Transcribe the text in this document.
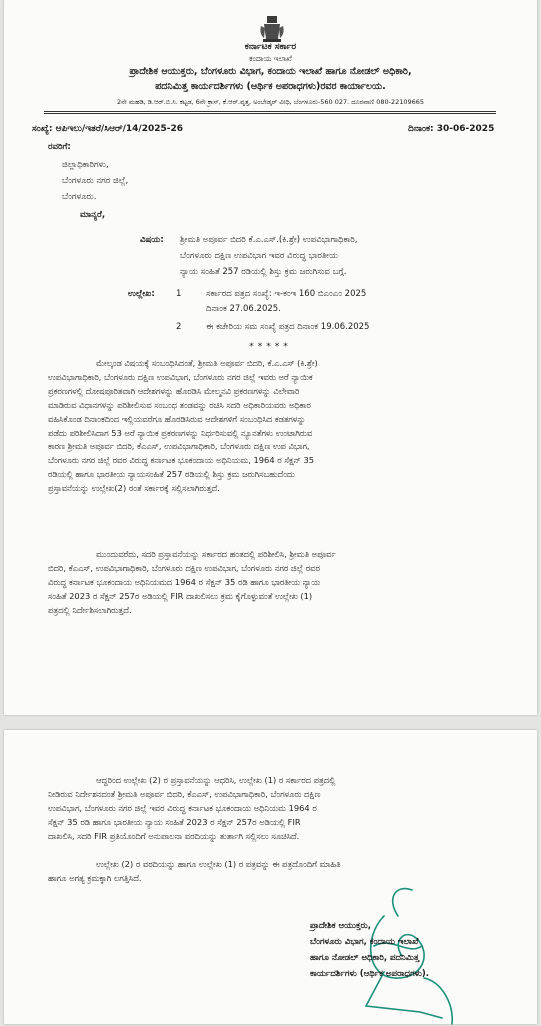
ಕರ್ನಾಟಕ ಸರ್ಕಾರ
ಕಂದಾಯ ಇಲಾಖೆ
ಪ್ರಾದೇಶಿಕ ಆಯುಕ್ತರು, ಬೆಂಗಳೂರು ವಿಭಾಗ, ಕಂದಾಯ ಇಲಾಖೆ ಹಾಗೂ ನೋಡಲ್ ಅಧಿಕಾರಿ,
ಪದನಿಮಿತ್ತ ಕಾರ್ಯದರ್ಶಿಗಳು (ಆರ್ಥಿಕ ಅಪರಾಧಗಳು)ರವರ ಕಾರ್ಯಾಲಯ.
2ನೇ ಮಹಡಿ, ಡಿ.ಆರ್.ಬಿ.ಸಿ. ಕಟ್ಟಡ, 6ನೇ ಕ್ರಾಸ್, ಕೆ.ಆರ್.ವೃತ್ತ, ಅಂಬೇಡ್ಕರ್ ವೀಧಿ, ಬೆಂಗಳೂರು-560 027. ದೂರವಾಣಿ 080-22109665
ಸಂಖ್ಯೆ: ಆಪಿಇಲು/ಇತರೆ/ಸಿಆರ್/14/2025-26	ದಿನಾಂಕ: 30-06-2025
ರವರಿಗೆ:
ಜಿಲ್ಲಾಧಿಕಾರಿಗಳು,
ಬೆಂಗಳೂರು ನಗರ ಜಿಲ್ಲೆ,
ಬೆಂಗಳೂರು.
ಮಾನ್ಯರೆ,
ವಿಷಯ: ಶ್ರೀಮತಿ ಅಪೂರ್ವ ಬಿದರಿ ಕೆ.ಎ.ಎಸ್.(ಕಿ.ಶ್ರೇ) ಉಪವಿಭಾಗಾಧಿಕಾರಿ,
ಬೆಂಗಳೂರು ದಕ್ಷಿಣ ಉಪವಿಭಾಗ ಇವರ ವಿರುದ್ಧ ಭಾರತೀಯ
ನ್ಯಾಯ ಸಂಹಿತೆ 257 ರಡಿಯಲ್ಲಿ ಶಿಸ್ತು ಕ್ರಮ ಜರುಗಿಸುವ ಬಗ್ಗೆ.
ಉಲ್ಲೇಖ: 1	ಸರ್ಕಾರದ ಪತ್ರದ ಸಂಖ್ಯೆ: ಇ-ಕಂಇ 160 ಬಿಎಂಎಂ 2025
ದಿನಾಂಕ 27.06.2025.
2	ಈ ಕಚೇರಿಯ ಸಮ ಸಂಖ್ಯೆ ಪತ್ರದ ದಿನಾಂಕ 19.06.2025
*****
ಮೇಲ್ಕಂಡ ವಿಷಯಕ್ಕೆ ಸಂಬಂಧಿಸಿದಂತೆ, ಶ್ರೀಮತಿ ಅಪೂರ್ವ ಬಿದರಿ, ಕೆ.ಎ.ಎಸ್ (ಕಿ.ಶ್ರೇ)
ಉಪವಿಭಾಗಾಧಿಕಾರಿ, ಬೆಂಗಳೂರು ದಕ್ಷಿಣ ಉಪವಿಭಾಗ, ಬೆಂಗಳೂರು ನಗರ ಜಿಲ್ಲೆ ಇವರು ಅರೆ ನ್ಯಾಯಿಕ
ಪ್ರಕರಣಗಳಲ್ಲಿ ದೋಷಪೂರಿತವಾಗಿ ಆದೇಶಗಳನ್ನು ಹೊರಡಿಸಿ ಮೇಲ್ಮನವಿ ಪ್ರಕರಣಗಳನ್ನು ವಿಲೇವಾರಿ
ಮಾಡಿರುವ ವಿಧಾನಗಳನ್ನು ಪರಿಶೀಲಿಸುವ ಸಂಬಂಧ ತಂಡವನ್ನು ರಚಿಸಿ ಸದರಿ ಅಧಿಕಾರಿಯವರು ಅಧಿಕಾರ
ವಹಿಸಿಕೊಂಡ ದಿನಾಂಕದಿಂದ ಇಲ್ಲಿಯವರೆಗೂ ಹೊರಡಿಸಿರುವ ಆದೇಶಗಳಿಗೆ ಸಂಬಂಧಿಸಿದ ಕಡತಗಳನ್ನು
ಪಡೆದು ಪರಿಶೀಲಿಸಿದಾಗ 53 ಅರೆ ನ್ಯಾಯಿಕ ಪ್ರಕರಣಗಳನ್ನು ನಿರ್ಧರಿಸುವಲ್ಲಿ ನ್ಯೂನತೆಗಳು ಉಂಟಾಗಿರುವ
ಕಾರಣ ಶ್ರೀಮತಿ ಅಪೂರ್ವ ಬಿದರಿ, ಕೆಎಎಸ್, ಉಪವಿಭಾಗಾಧಿಕಾರಿ, ಬೆಂಗಳೂರು ದಕ್ಷಿಣ ಉಪ ವಿಭಾಗ,
ಬೆಂಗಳೂರು ನಗರ ಜಿಲ್ಲೆ ರವರ ವಿರುದ್ಧ ಕರ್ನಾಟಕ ಭೂಕಂದಾಯ ಅಧಿನಿಯಮ, 1964 ರ ಸೆಕ್ಷನ್ 35
ರಡಿಯಲ್ಲಿ ಹಾಗೂ ಭಾರತೀಯ ನ್ಯಾಯಸಂಹಿತೆ 257 ರಡಿಯಲ್ಲಿ ಶಿಸ್ತು ಕ್ರಮ ಜರುಗಿಸಬಹುದೆಂದು
ಪ್ರಸ್ತಾವನೆಯನ್ನು ಉಲ್ಲೇಖ(2) ರಂತೆ ಸರ್ಕಾರಕ್ಕೆ ಸಲ್ಲಿಸಲಾಗಿರುತ್ತದೆ.
ಮುಂದುವರೆದು, ಸದರಿ ಪ್ರಸ್ತಾವನೆಯನ್ನು ಸರ್ಕಾರದ ಹಂತದಲ್ಲಿ ಪರಿಶೀಲಿಸಿ, ಶ್ರೀಮತಿ ಅಪೂರ್ವ
ಬಿದರಿ, ಕೆಎಎಸ್, ಉಪವಿಭಾಗಾಧಿಕಾರಿ, ಬೆಂಗಳೂರು ದಕ್ಷಿಣ ಉಪವಿಭಾಗ, ಬೆಂಗಳೂರು ನಗರ ಜಿಲ್ಲೆ ರವರ
ವಿರುದ್ಧ ಕರ್ನಾಟಕ ಭೂಕಂದಾಯ ಅಧಿನಿಯಮದ 1964 ರ ಸೆಕ್ಷನ್ 35 ರಡಿ ಹಾಗೂ ಭಾರತೀಯ ನ್ಯಾಯ
ಸಂಹಿತೆ 2023 ರ ಸೆಕ್ಷನ್ 257ರ ಅಡಿಯಲ್ಲಿ FIR ದಾಖಲಿಸಲು ಕ್ರಮ ಕೈಗೊಳ್ಳುವಂತೆ ಉಲ್ಲೇಖ (1)
ಪತ್ರದಲ್ಲಿ ನಿರ್ದೇಶಿಸಲಾಗಿರುತ್ತದೆ.
ಆದ್ದರಿಂದ ಉಲ್ಲೇಖ (2) ರ ಪ್ರಸ್ತಾವನೆಯನ್ನು ಆಧರಿಸಿ, ಉಲ್ಲೇಖ (1) ರ ಸರ್ಕಾರದ ಪತ್ರದಲ್ಲಿ
ನೀಡಿರುವ ನಿರ್ದೇಶನದಂತೆ ಶ್ರೀಮತಿ ಅಪೂರ್ವ ಬಿದರಿ, ಕೆಎಎಸ್, ಉಪವಿಭಾಗಾಧಿಕಾರಿ, ಬೆಂಗಳೂರು ದಕ್ಷಿಣ
ಉಪವಿಭಾಗ, ಬೆಂಗಳೂರು ನಗರ ಜಿಲ್ಲೆ ಇವರ ವಿರುದ್ಧ ಕರ್ನಾಟಕ ಭೂಕಂದಾಯ ಅಧಿನಿಯಮ 1964 ರ
ಸೆಕ್ಷನ್ 35 ರಡಿ ಹಾಗೂ ಭಾರತೀಯ ನ್ಯಾಯ ಸಂಹಿತೆ 2023 ರ ಸೆಕ್ಷನ್ 257ರ ಅಡಿಯಲ್ಲಿ FIR
ದಾಖಲಿಸಿ, ಸದರಿ FIR ಪ್ರತಿಯೊಂದಿಗೆ ಅನುಪಾಲನಾ ವರದಿಯನ್ನು ತುರ್ತಾಗಿ ಸಲ್ಲಿಸಲು ಸೂಚಿಸಿದೆ.
ಉಲ್ಲೇಖ (2) ರ ವರದಿಯನ್ನು ಹಾಗೂ ಉಲ್ಲೇಖ (1) ರ ಪತ್ರವನ್ನು ಈ ಪತ್ರದೊಂದಿಗೆ ಮಾಹಿತಿ
ಹಾಗೂ ಅಗತ್ಯ ಕ್ರಮಕ್ಕಾಗಿ ಲಗತ್ತಿಸಿದೆ.
ಪ್ರಾದೇಶಿಕ ಆಯುಕ್ತರು,
ಬೆಂಗಳೂರು ವಿಭಾಗ, ಕಂದಾಯ ಇಲಾಖೆ
ಹಾಗೂ ನೋಡಲ್ ಅಧಿಕಾರಿ, ಪದನಿಮಿತ್ತ
ಕಾರ್ಯದರ್ಶಿಗಳು (ಆರ್ಥಿಕ ಅಪರಾಧಗಳು).
